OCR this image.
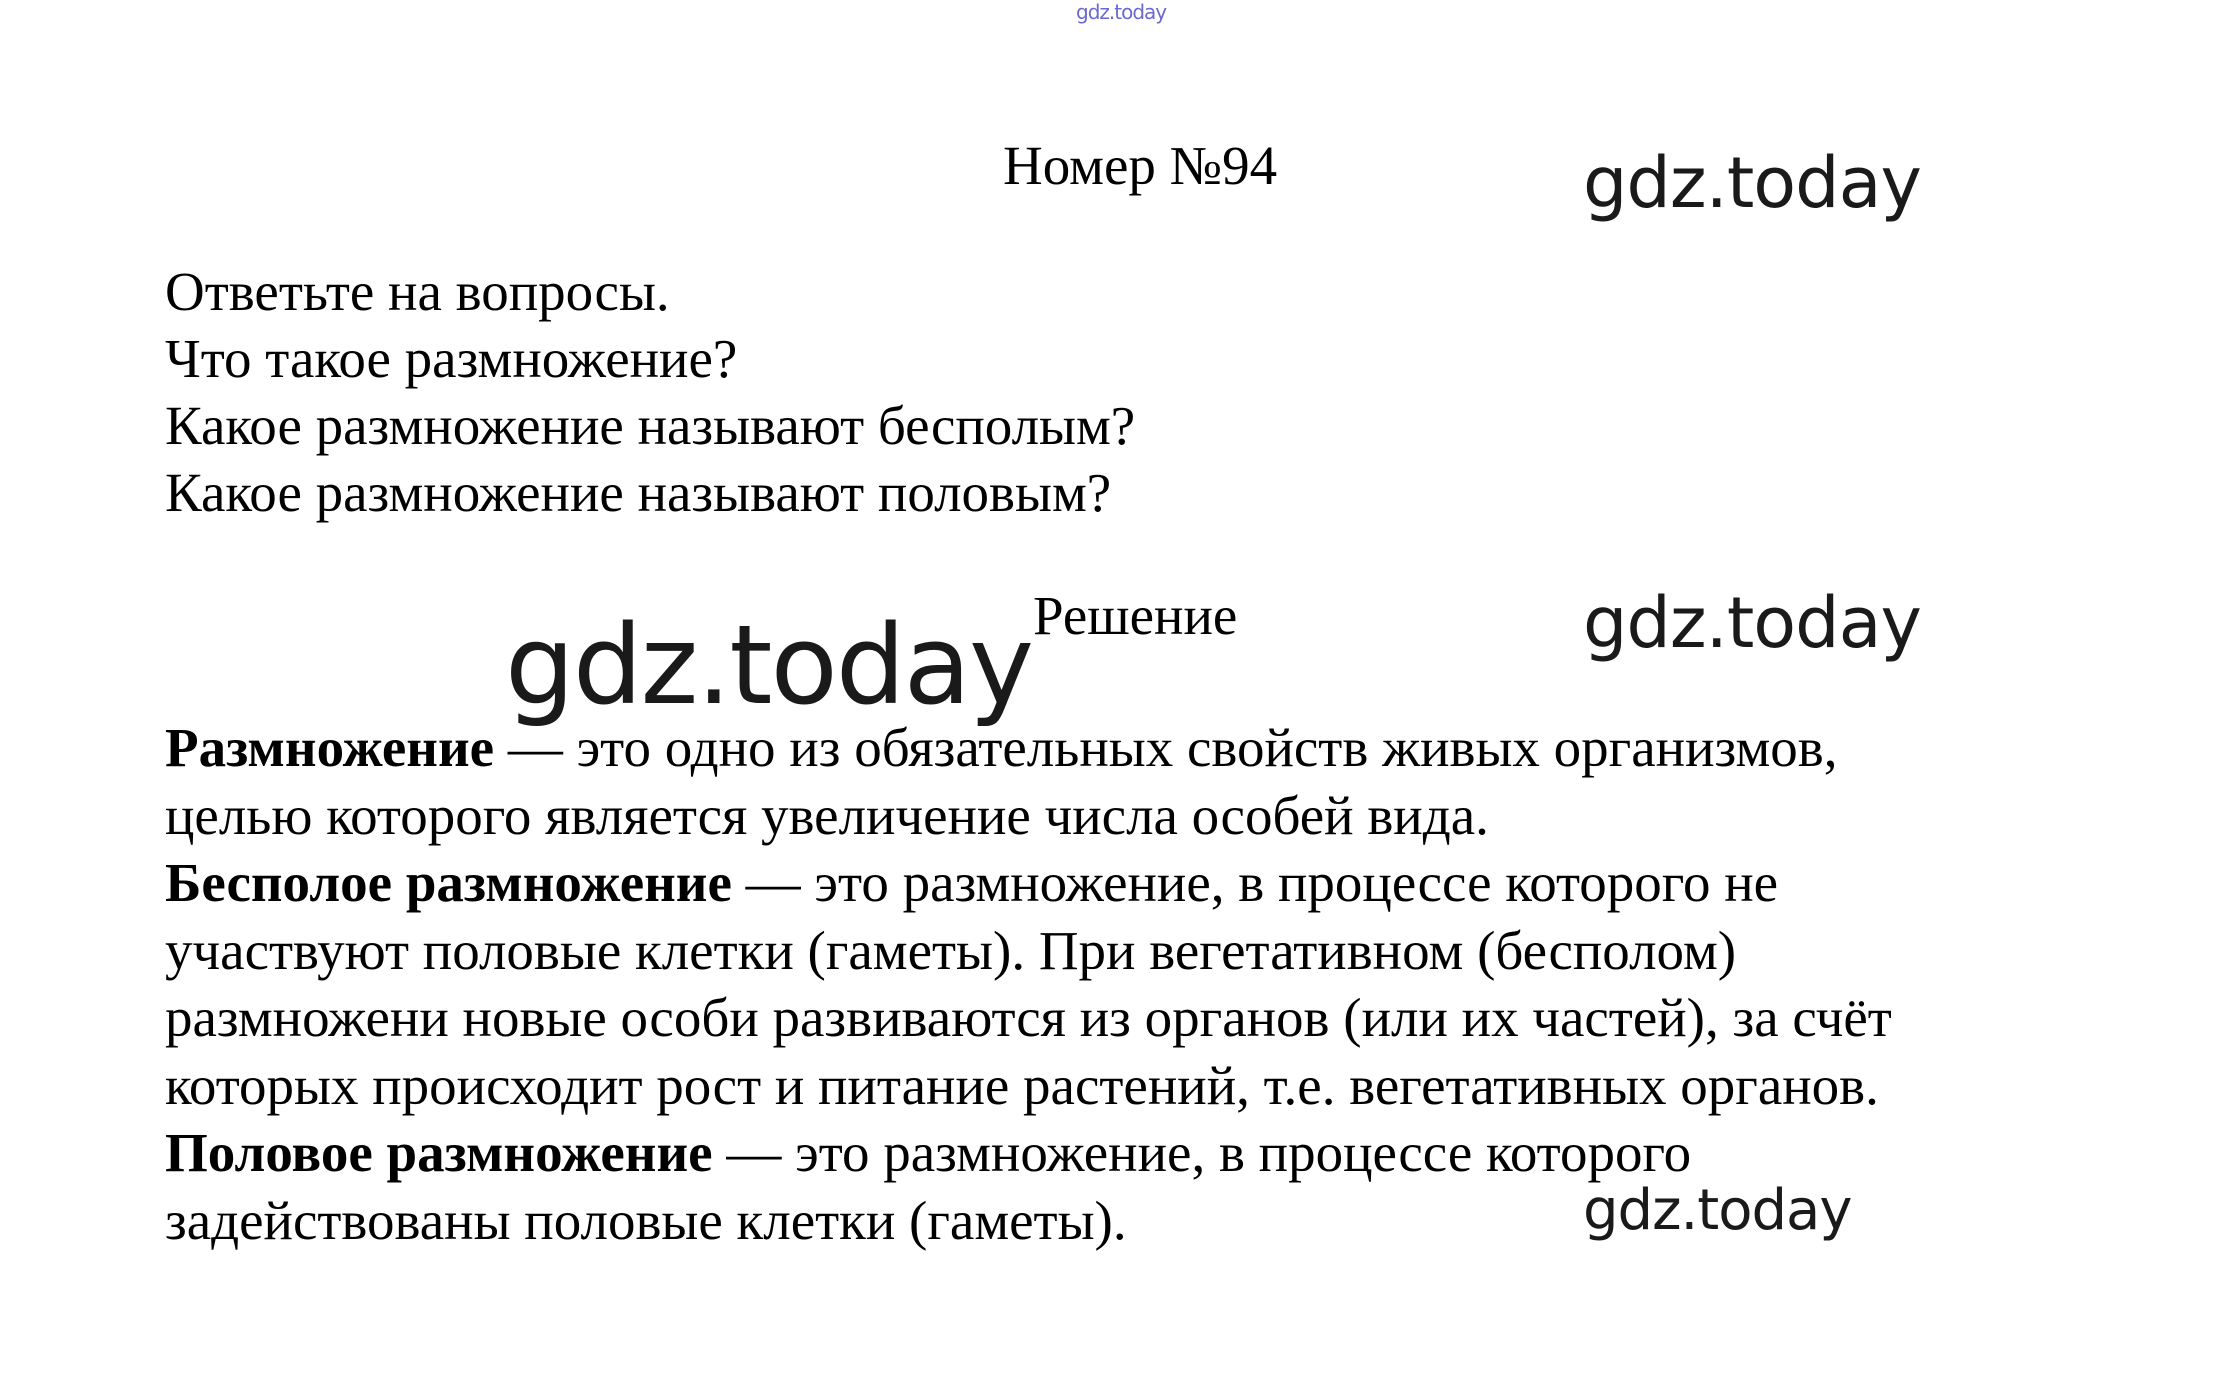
gdz.today
gdz.today
Номер №94
Ответьте на вопросы.
Что такое размножение?
Какое размножение называют бесполым?
Какое размножение называют половым?
gdz.today Решение	gdz.today
Размножение — это одно из обязательных свойств живых организмов,
целью которого является увеличение числа особей вида.
Бесполое размножение — это размножение, в процессе которого не
участвуют половые клетки (гаметы). При вегетативном (бесполом)
размножени новые особи развиваются из органов (или их частей), за счёт
которых происходит рост и питание растений, т.е. вегетативных органов.
Половое размножение — это размножение, в процессе которого
задействованы половые клетки (гаметы).	gdz.today
